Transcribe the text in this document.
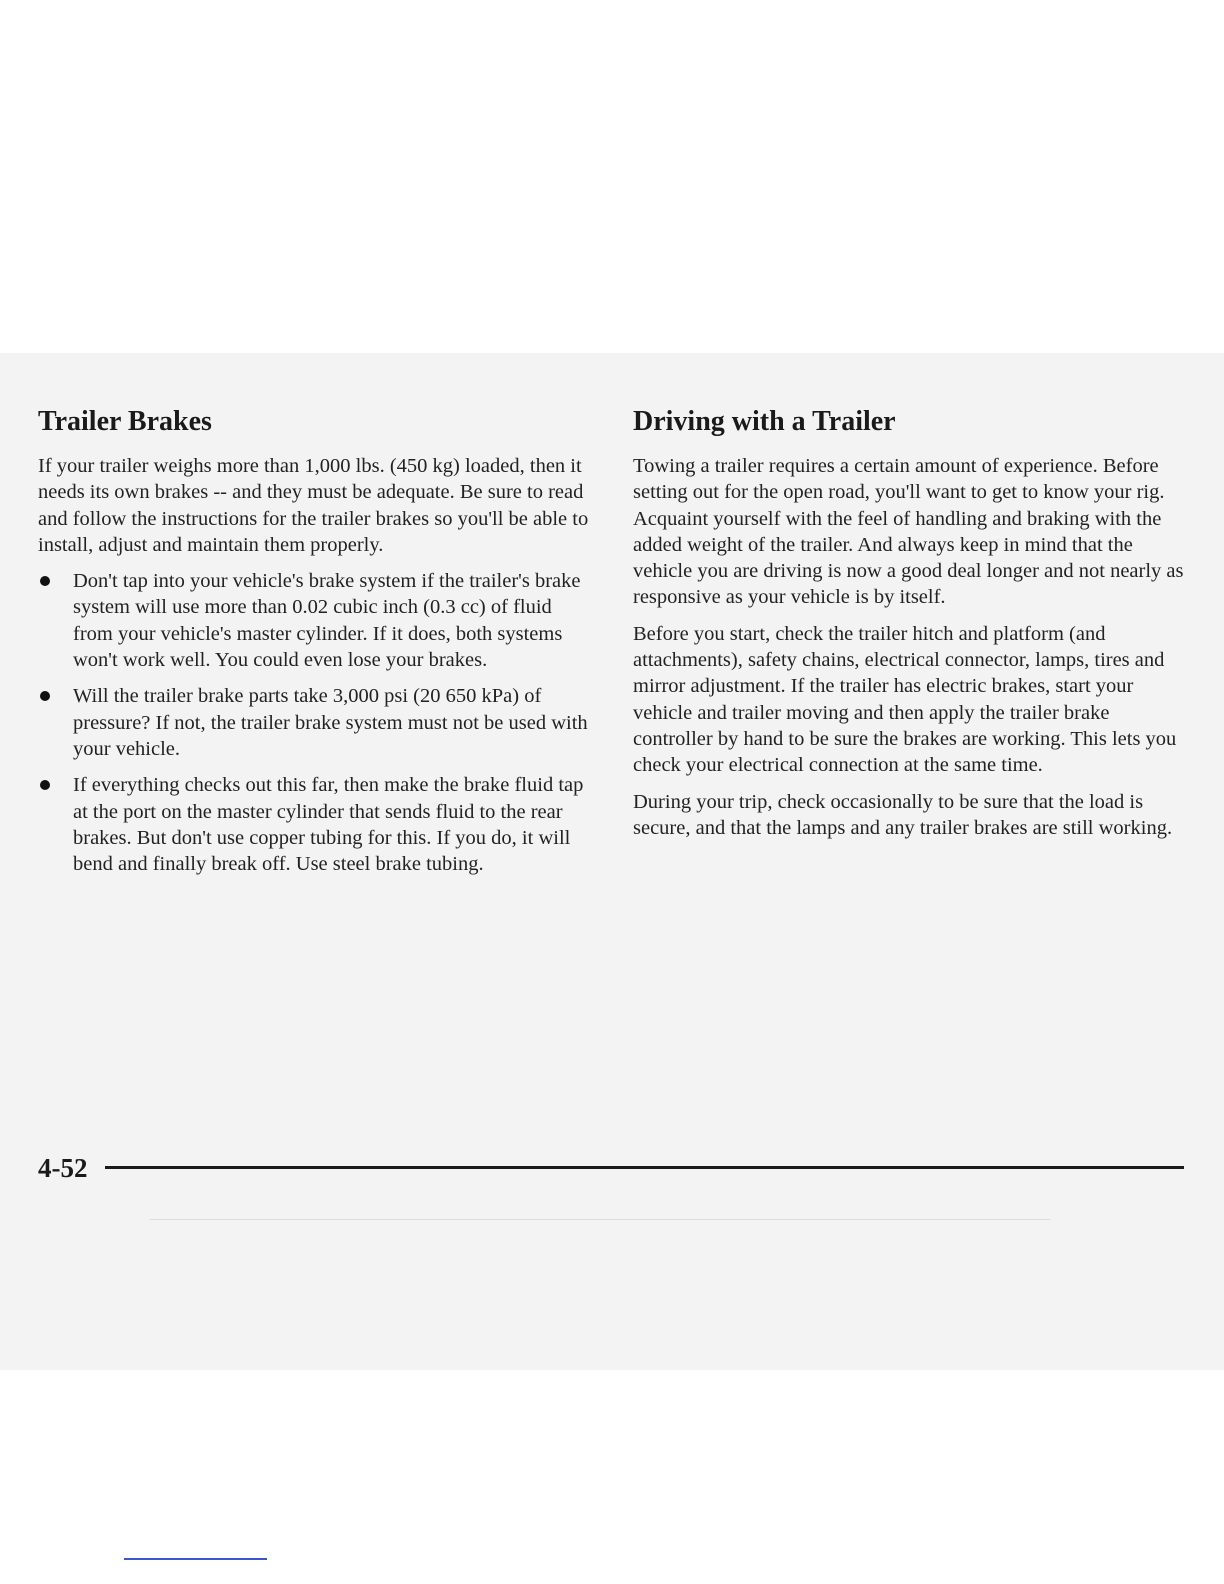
Trailer Brakes

If your trailer weighs more than 1,000 lbs. (450 kg) loaded, then it needs its own brakes -- and they must be adequate. Be sure to read and follow the instructions for the trailer brakes so you'll be able to install, adjust and maintain them properly.

Don't tap into your vehicle's brake system if the trailer's brake system will use more than 0.02 cubic inch (0.3 cc) of fluid from your vehicle's master cylinder. If it does, both systems won't work well. You could even lose your brakes.
Will the trailer brake parts take 3,000 psi (20 650 kPa) of pressure? If not, the trailer brake system must not be used with your vehicle.
If everything checks out this far, then make the brake fluid tap at the port on the master cylinder that sends fluid to the rear brakes. But don't use copper tubing for this. If you do, it will bend and finally break off. Use steel brake tubing.
Driving with a Trailer

Towing a trailer requires a certain amount of experience. Before setting out for the open road, you'll want to get to know your rig. Acquaint yourself with the feel of handling and braking with the added weight of the trailer. And always keep in mind that the vehicle you are driving is now a good deal longer and not nearly as responsive as your vehicle is by itself.

Before you start, check the trailer hitch and platform (and attachments), safety chains, electrical connector, lamps, tires and mirror adjustment. If the trailer has electric brakes, start your vehicle and trailer moving and then apply the trailer brake controller by hand to be sure the brakes are working. This lets you check your electrical connection at the same time.

During your trip, check occasionally to be sure that the load is secure, and that the lamps and any trailer brakes are still working.

4-52
